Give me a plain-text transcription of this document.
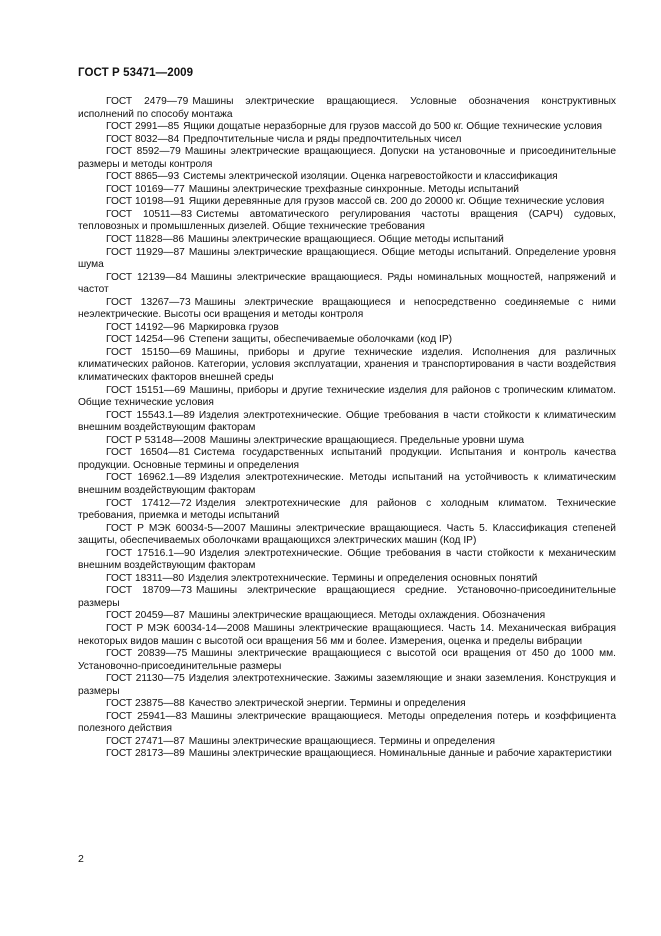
ГОСТ Р 53471—2009
ГОСТ 2479—79 Машины электрические вращающиеся. Условные обозначения конструктивных исполнений по способу монтажа
ГОСТ 2991—85 Ящики дощатые неразборные для грузов массой до 500 кг. Общие технические условия
ГОСТ 8032—84 Предпочтительные числа и ряды предпочтительных чисел
ГОСТ 8592—79 Машины электрические вращающиеся. Допуски на установочные и присоединительные размеры и методы контроля
ГОСТ 8865—93 Системы электрической изоляции. Оценка нагревостойкости и классификация
ГОСТ 10169—77 Машины электрические трехфазные синхронные. Методы испытаний
ГОСТ 10198—91 Ящики деревянные для грузов массой св. 200 до 20000 кг. Общие технические условия
ГОСТ 10511—83 Системы автоматического регулирования частоты вращения (САРЧ) судовых, тепловозных и промышленных дизелей. Общие технические требования
ГОСТ 11828—86 Машины электрические вращающиеся. Общие методы испытаний
ГОСТ 11929—87 Машины электрические вращающиеся. Общие методы испытаний. Определение уровня шума
ГОСТ 12139—84 Машины электрические вращающиеся. Ряды номинальных мощностей, напряжений и частот
ГОСТ 13267—73 Машины электрические вращающиеся и непосредственно соединяемые с ними неэлектрические. Высоты оси вращения и методы контроля
ГОСТ 14192—96 Маркировка грузов
ГОСТ 14254—96 Степени защиты, обеспечиваемые оболочками (код IP)
ГОСТ 15150—69 Машины, приборы и другие технические изделия. Исполнения для различных климатических районов. Категории, условия эксплуатации, хранения и транспортирования в части воздействия климатических факторов внешней среды
ГОСТ 15151—69 Машины, приборы и другие технические изделия для районов с тропическим климатом. Общие технические условия
ГОСТ 15543.1—89 Изделия электротехнические. Общие требования в части стойкости к климатическим внешним воздействующим факторам
ГОСТ Р 53148—2008 Машины электрические вращающиеся. Предельные уровни шума
ГОСТ 16504—81 Система государственных испытаний продукции. Испытания и контроль качества продукции. Основные термины и определения
ГОСТ 16962.1—89 Изделия электротехнические. Методы испытаний на устойчивость к климатическим внешним воздействующим факторам
ГОСТ 17412—72 Изделия электротехнические для районов с холодным климатом. Технические требования, приемка и методы испытаний
ГОСТ Р МЭК 60034-5—2007 Машины электрические вращающиеся. Часть 5. Классификация степеней защиты, обеспечиваемых оболочками вращающихся электрических машин (Код IP)
ГОСТ 17516.1—90 Изделия электротехнические. Общие требования в части стойкости к механическим внешним воздействующим факторам
ГОСТ 18311—80 Изделия электротехнические. Термины и определения основных понятий
ГОСТ 18709—73 Машины электрические вращающиеся средние. Установочно-присоединительные размеры
ГОСТ 20459—87 Машины электрические вращающиеся. Методы охлаждения. Обозначения
ГОСТ Р МЭК 60034-14—2008 Машины электрические вращающиеся. Часть 14. Механическая вибрация некоторых видов машин с высотой оси вращения 56 мм и более. Измерения, оценка и пределы вибрации
ГОСТ 20839—75 Машины электрические вращающиеся с высотой оси вращения от 450 до 1000 мм. Установочно-присоединительные размеры
ГОСТ 21130—75 Изделия электротехнические. Зажимы заземляющие и знаки заземления. Конструкция и размеры
ГОСТ 23875—88 Качество электрической энергии. Термины и определения
ГОСТ 25941—83 Машины электрические вращающиеся. Методы определения потерь и коэффициента полезного действия
ГОСТ 27471—87 Машины электрические вращающиеся. Термины и определения
ГОСТ 28173—89 Машины электрические вращающиеся. Номинальные данные и рабочие характеристики
2
